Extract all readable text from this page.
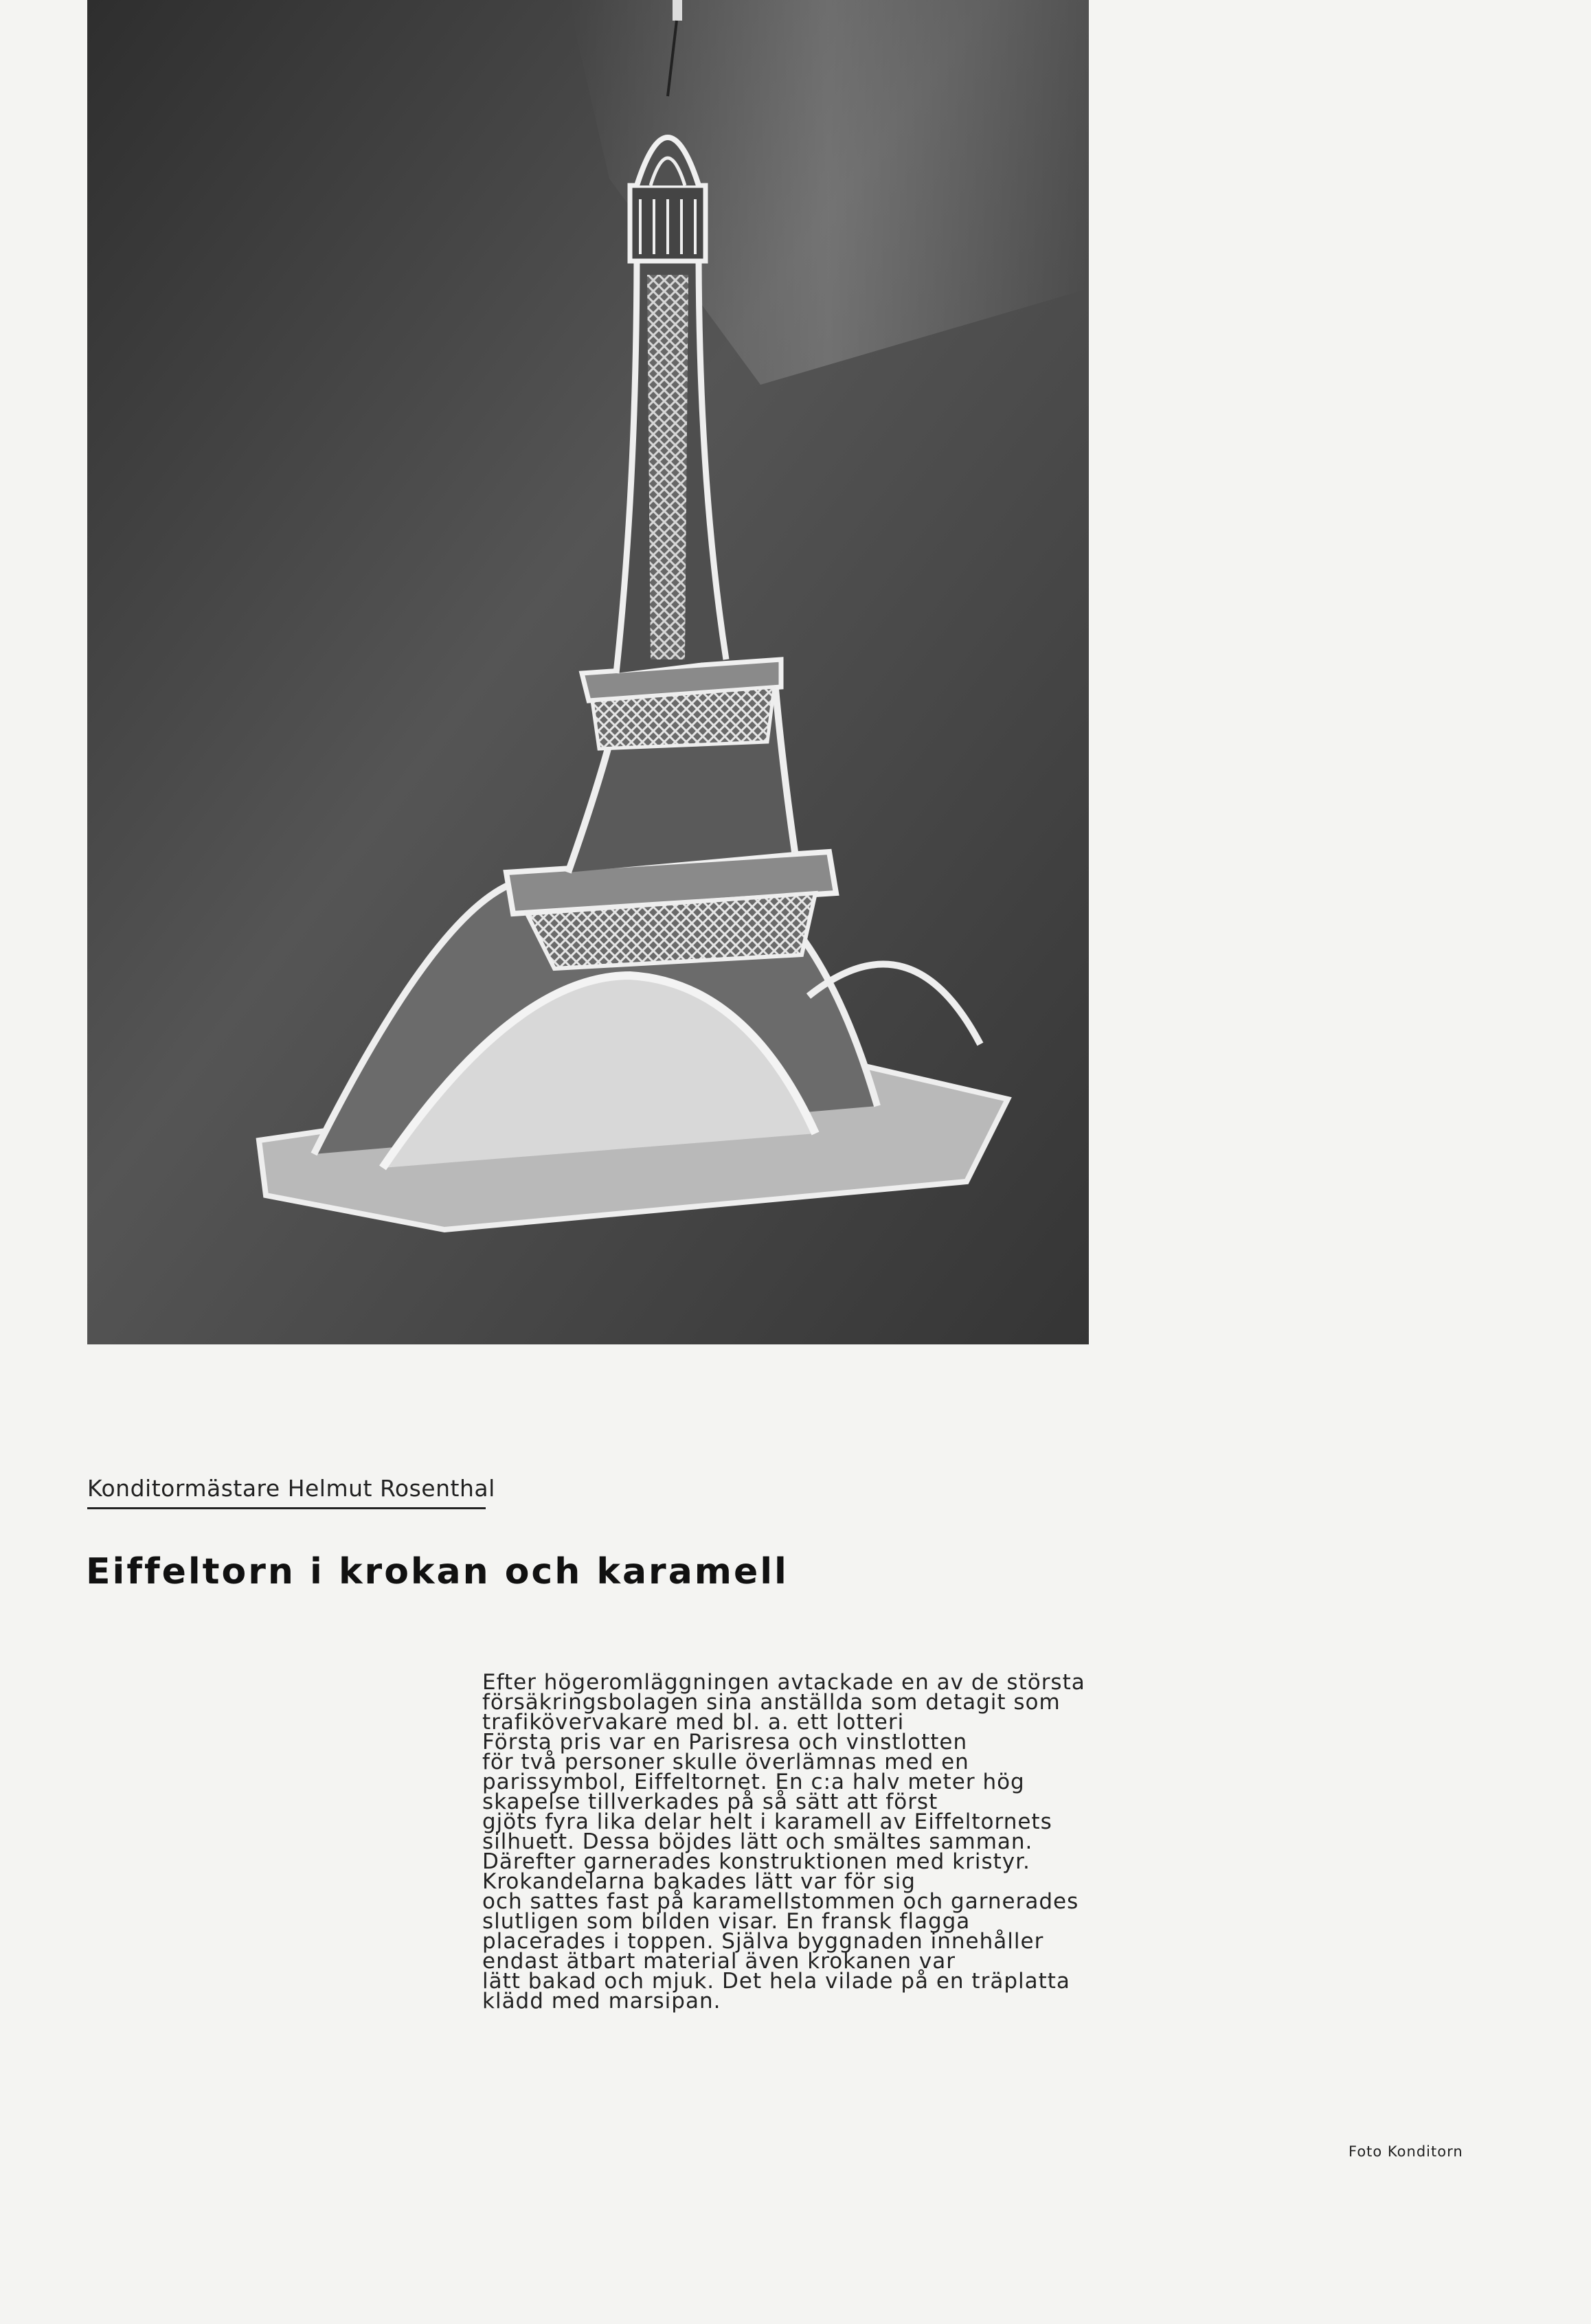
Konditormästare Helmut Rosenthal
Eiffeltorn i krokan och karamell
Efter högeromläggningen avtackade en av de största
försäkringsbolagen sina anställda som detagit som
trafikövervakare med bl. a. ett lotteri
Första pris var en Parisresa och vinstlotten
för två personer skulle överlämnas med en
parissymbol, Eiffeltornet. En c:a halv meter hög
skapelse tillverkades på så sätt att först
gjöts fyra lika delar helt i karamell av Eiffeltornets
silhuett. Dessa böjdes lätt och smältes samman.
Därefter garnerades konstruktionen med kristyr.
Krokandelarna bakades lätt var för sig
och sattes fast på karamellstommen och garnerades
slutligen som bilden visar. En fransk flagga
placerades i toppen. Själva byggnaden innehåller
endast ätbart material även krokanen var
lätt bakad och mjuk. Det hela vilade på en träplatta
klädd med marsipan.
Foto Konditorn
